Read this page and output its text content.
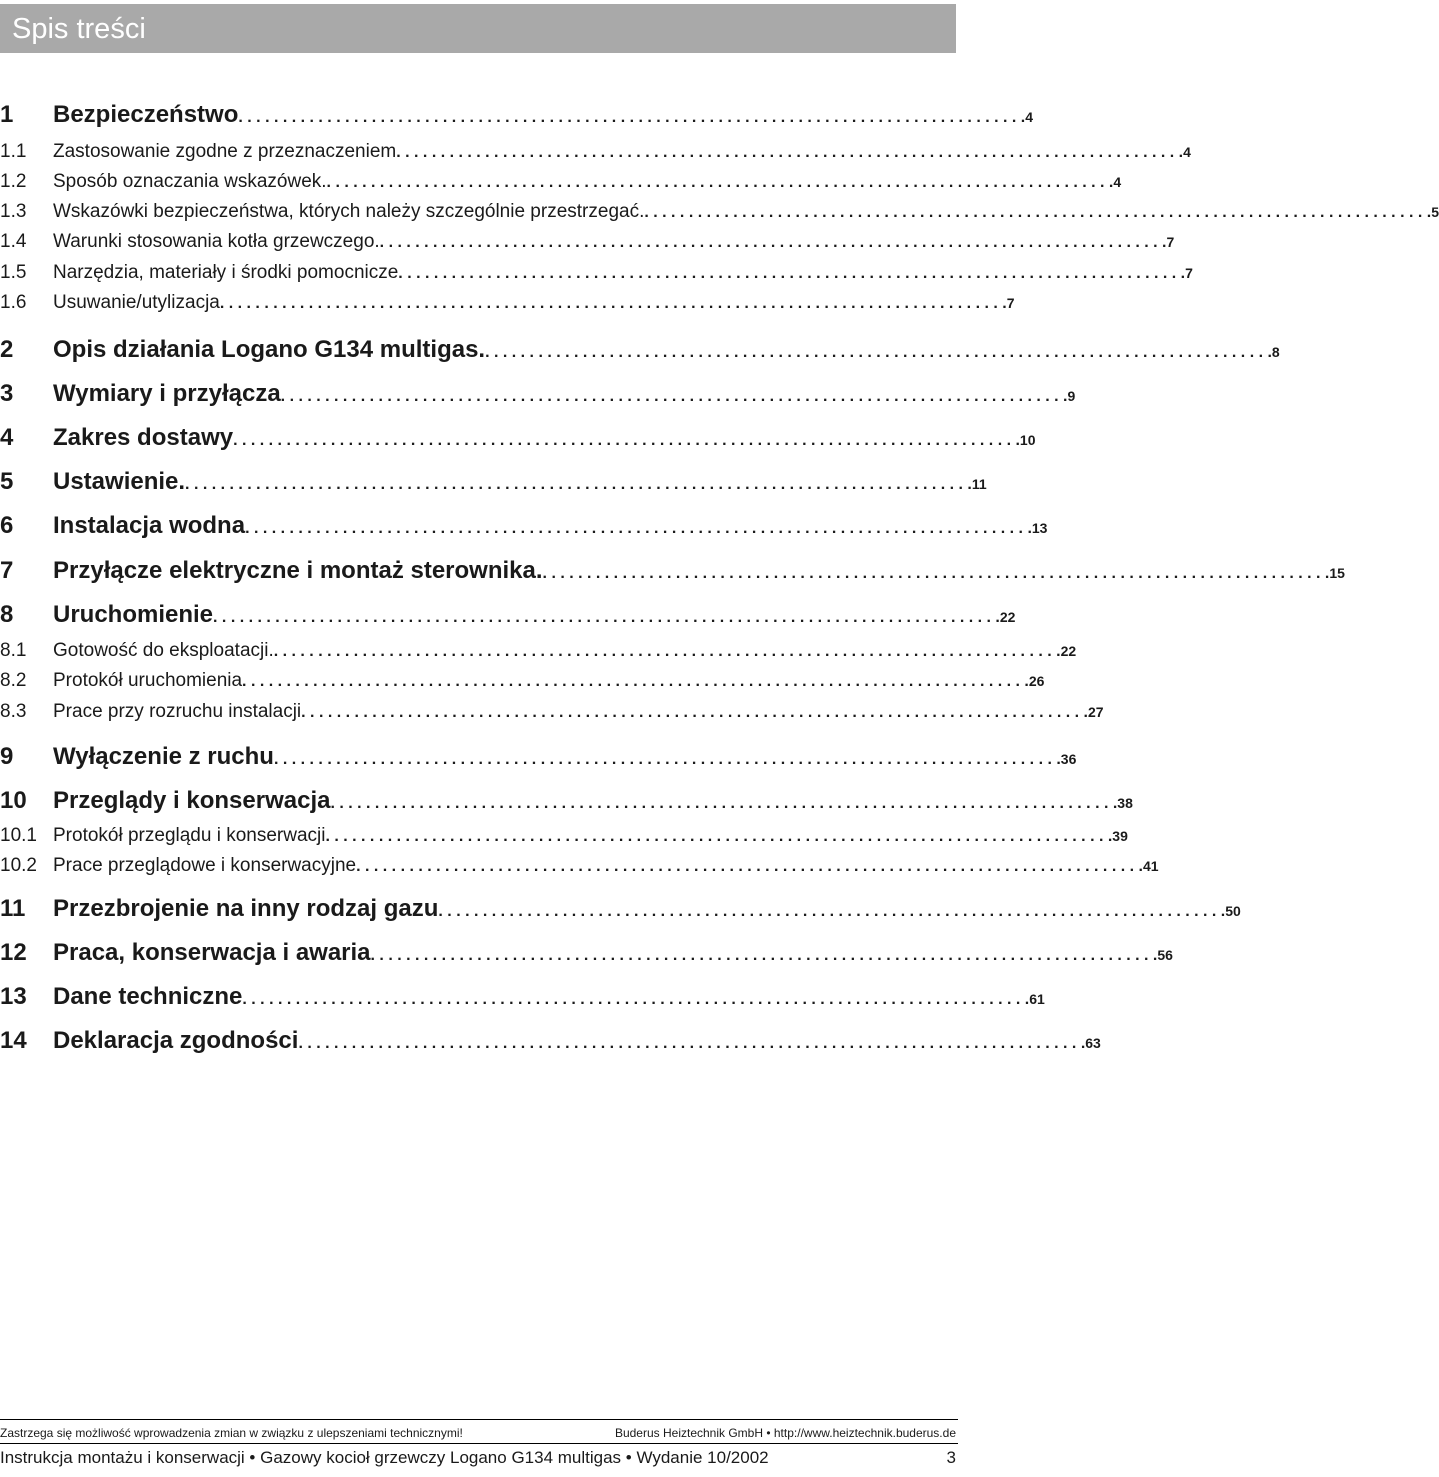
Spis treści
1	Bezpieczeństwo . . . . . . . . . . . . . . . . . . . . . . . . . . . . . . . . . . . . . . . . . . . . . . . . . . . . . . . . . . . . . . . . . . . . . . . . . . . . . . . . . . . . . . . . . 4
1.1	Zastosowanie zgodne z przeznaczeniem . . . . . . . . . . . . . . . . . . . . . . . . . . . . . . . . . . . . . . . . . . . . . . . . . . . . . . . . . . . . . . . . . . . . . . . . . . . . . . . . . . . . . . . . . 4
1.2	Sposób oznaczania wskazówek. . . . . . . . . . . . . . . . . . . . . . . . . . . . . . . . . . . . . . . . . . . . . . . . . . . . . . . . . . . . . . . . . . . . . . . . . . . . . . . . . . . . . . . . . . 4
1.3	Wskazówki bezpieczeństwa, których należy szczególnie przestrzegać. . . . . . . . . . . . . . . . . . . . . . . . . . . . . . . . . . . . . . . . . . . . . . . . . . . . . . . . . . . . . . . . . . . . . . . . . . . . . . . . . . . . . . . . . . 5
1.4	Warunki stosowania kotła grzewczego. . . . . . . . . . . . . . . . . . . . . . . . . . . . . . . . . . . . . . . . . . . . . . . . . . . . . . . . . . . . . . . . . . . . . . . . . . . . . . . . . . . . . . . . . . 7
1.5	Narzędzia, materiały i środki pomocnicze . . . . . . . . . . . . . . . . . . . . . . . . . . . . . . . . . . . . . . . . . . . . . . . . . . . . . . . . . . . . . . . . . . . . . . . . . . . . . . . . . . . . . . . . . 7
1.6	Usuwanie/utylizacja . . . . . . . . . . . . . . . . . . . . . . . . . . . . . . . . . . . . . . . . . . . . . . . . . . . . . . . . . . . . . . . . . . . . . . . . . . . . . . . . . . . . . . . . . 7
2	Opis działania Logano G134 multigas. . . . . . . . . . . . . . . . . . . . . . . . . . . . . . . . . . . . . . . . . . . . . . . . . . . . . . . . . . . . . . . . . . . . . . . . . . . . . . . . . . . . . . . . . . 8
3	Wymiary i przyłącza . . . . . . . . . . . . . . . . . . . . . . . . . . . . . . . . . . . . . . . . . . . . . . . . . . . . . . . . . . . . . . . . . . . . . . . . . . . . . . . . . . . . . . . . . 9
4	Zakres dostawy . . . . . . . . . . . . . . . . . . . . . . . . . . . . . . . . . . . . . . . . . . . . . . . . . . . . . . . . . . . . . . . . . . . . . . . . . . . . . . . . . . . . . . . . . 10
5	Ustawienie. . . . . . . . . . . . . . . . . . . . . . . . . . . . . . . . . . . . . . . . . . . . . . . . . . . . . . . . . . . . . . . . . . . . . . . . . . . . . . . . . . . . . . . . . . 11
6	Instalacja wodna . . . . . . . . . . . . . . . . . . . . . . . . . . . . . . . . . . . . . . . . . . . . . . . . . . . . . . . . . . . . . . . . . . . . . . . . . . . . . . . . . . . . . . . . . 13
7	Przyłącze elektryczne i montaż sterownika. . . . . . . . . . . . . . . . . . . . . . . . . . . . . . . . . . . . . . . . . . . . . . . . . . . . . . . . . . . . . . . . . . . . . . . . . . . . . . . . . . . . . . . . . . 15
8	Uruchomienie . . . . . . . . . . . . . . . . . . . . . . . . . . . . . . . . . . . . . . . . . . . . . . . . . . . . . . . . . . . . . . . . . . . . . . . . . . . . . . . . . . . . . . . . . 22
8.1	Gotowość do eksploatacji. . . . . . . . . . . . . . . . . . . . . . . . . . . . . . . . . . . . . . . . . . . . . . . . . . . . . . . . . . . . . . . . . . . . . . . . . . . . . . . . . . . . . . . . . . 22
8.2	Protokół uruchomienia . . . . . . . . . . . . . . . . . . . . . . . . . . . . . . . . . . . . . . . . . . . . . . . . . . . . . . . . . . . . . . . . . . . . . . . . . . . . . . . . . . . . . . . . . 26
8.3	Prace przy rozruchu instalacji . . . . . . . . . . . . . . . . . . . . . . . . . . . . . . . . . . . . . . . . . . . . . . . . . . . . . . . . . . . . . . . . . . . . . . . . . . . . . . . . . . . . . . . . . 27
9	Wyłączenie z ruchu . . . . . . . . . . . . . . . . . . . . . . . . . . . . . . . . . . . . . . . . . . . . . . . . . . . . . . . . . . . . . . . . . . . . . . . . . . . . . . . . . . . . . . . . . 36
10	Przeglądy i konserwacja . . . . . . . . . . . . . . . . . . . . . . . . . . . . . . . . . . . . . . . . . . . . . . . . . . . . . . . . . . . . . . . . . . . . . . . . . . . . . . . . . . . . . . . . . 38
10.1 Protokół przeglądu i konserwacji . . . . . . . . . . . . . . . . . . . . . . . . . . . . . . . . . . . . . . . . . . . . . . . . . . . . . . . . . . . . . . . . . . . . . . . . . . . . . . . . . . . . . . . . . 39
10.2 Prace przeglądowe i konserwacyjne . . . . . . . . . . . . . . . . . . . . . . . . . . . . . . . . . . . . . . . . . . . . . . . . . . . . . . . . . . . . . . . . . . . . . . . . . . . . . . . . . . . . . . . . . 41
11	Przezbrojenie na inny rodzaj gazu . . . . . . . . . . . . . . . . . . . . . . . . . . . . . . . . . . . . . . . . . . . . . . . . . . . . . . . . . . . . . . . . . . . . . . . . . . . . . . . . . . . . . . . . . 50
12	Praca, konserwacja i awaria . . . . . . . . . . . . . . . . . . . . . . . . . . . . . . . . . . . . . . . . . . . . . . . . . . . . . . . . . . . . . . . . . . . . . . . . . . . . . . . . . . . . . . . . . 56
13	Dane techniczne . . . . . . . . . . . . . . . . . . . . . . . . . . . . . . . . . . . . . . . . . . . . . . . . . . . . . . . . . . . . . . . . . . . . . . . . . . . . . . . . . . . . . . . . . 61
14	Deklaracja zgodności . . . . . . . . . . . . . . . . . . . . . . . . . . . . . . . . . . . . . . . . . . . . . . . . . . . . . . . . . . . . . . . . . . . . . . . . . . . . . . . . . . . . . . . . . 63
Zastrzega się możliwość wprowadzenia zmian w związku z ulepszeniami technicznymi!	Buderus Heiztechnik GmbH • http://www.heiztechnik.buderus.de
Instrukcja montażu i konserwacji • Gazowy kocioł grzewczy Logano G134 multigas • Wydanie 10/2002	3
